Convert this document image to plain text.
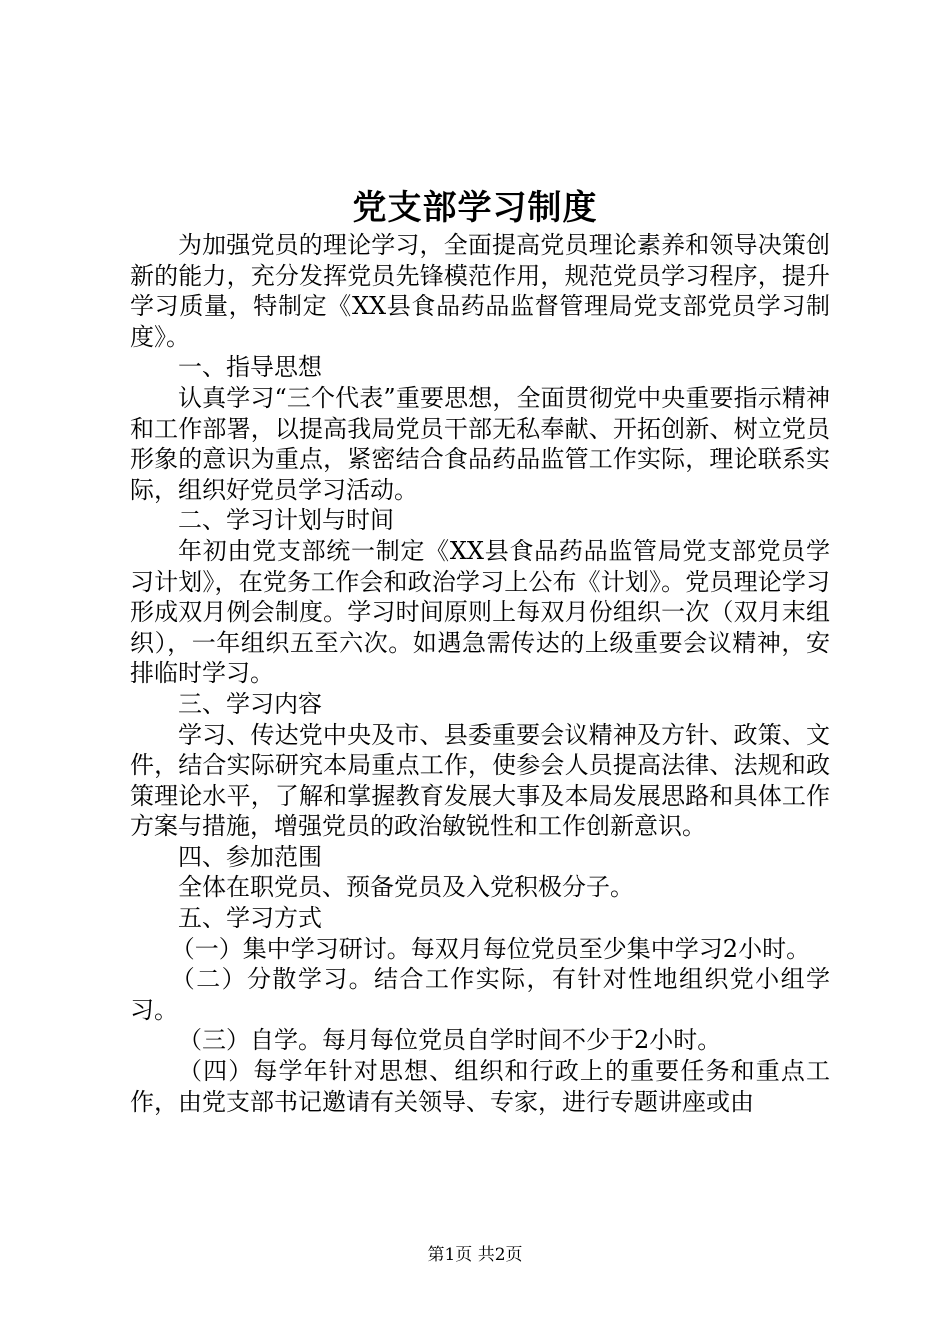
党支部学习制度

为加强党员的理论学习，全面提高党员理论素养和领导决策创新的能力，充分发挥党员先锋模范作用，规范党员学习程序，提升学习质量，特制定《XX县食品药品监督管理局党支部党员学习制度》。

一、指导思想

认真学习“三个代表”重要思想，全面贯彻党中央重要指示精神和工作部署，以提高我局党员干部无私奉献、开拓创新、树立党员形象的意识为重点，紧密结合食品药品监管工作实际，理论联系实际，组织好党员学习活动。

二、学习计划与时间

年初由党支部统一制定《XX县食品药品监管局党支部党员学习计划》，在党务工作会和政治学习上公布《计划》。党员理论学习形成双月例会制度。学习时间原则上每双月份组织一次（双月末组织），一年组织五至六次。如遇急需传达的上级重要会议精神，安排临时学习。

三、学习内容

学习、传达党中央及市、县委重要会议精神及方针、政策、文件，结合实际研究本局重点工作，使参会人员提高法律、法规和政策理论水平，了解和掌握教育发展大事及本局发展思路和具体工作方案与措施，增强党员的政治敏锐性和工作创新意识。

四、参加范围

全体在职党员、预备党员及入党积极分子。

五、学习方式

（一）集中学习研讨。每双月每位党员至少集中学习2小时。

（二）分散学习。结合工作实际，有针对性地组织党小组学习。

（三）自学。每月每位党员自学时间不少于2小时。

（四）每学年针对思想、组织和行政上的重要任务和重点工作，由党支部书记邀请有关领导、专家，进行专题讲座或由

第1页 共2页
